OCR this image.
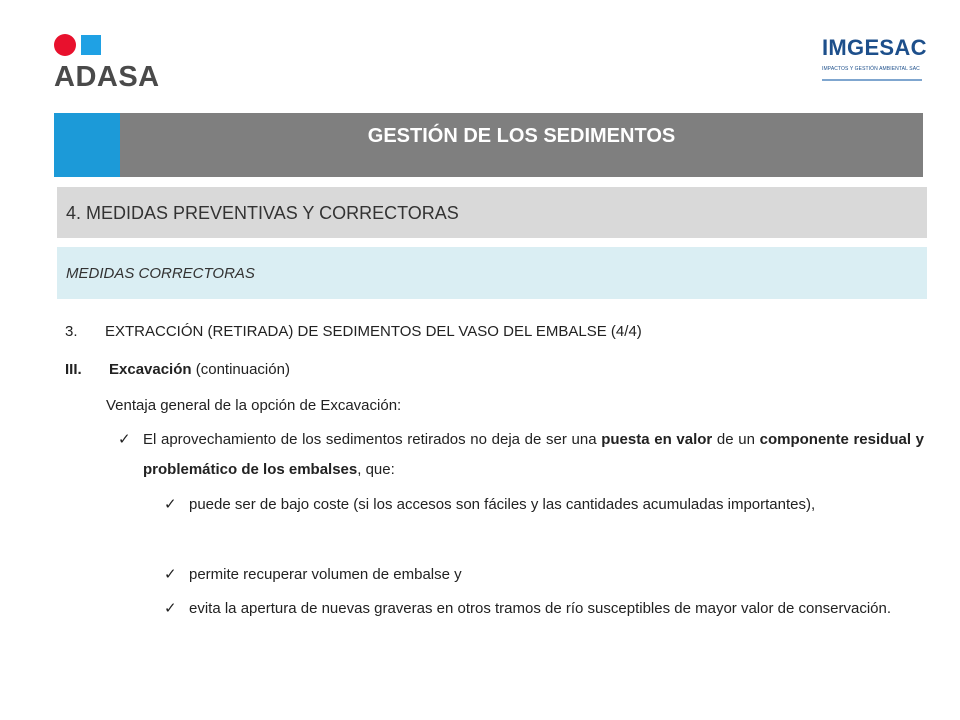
ADASA
IMGESAC
IMPACTOS Y GESTIÓN AMBIENTAL SAC
GESTIÓN DE LOS SEDIMENTOS
4. MEDIDAS PREVENTIVAS Y CORRECTORAS
MEDIDAS CORRECTORAS
3. EXTRACCIÓN (RETIRADA) DE SEDIMENTOS DEL VASO DEL EMBALSE (4/4)
III. Excavación (continuación)
Ventaja general de la opción de Excavación:
✓ El aprovechamiento de los sedimentos retirados no deja de ser una puesta en valor de un componente residual y problemático de los embalses, que:
✓ puede ser de bajo coste (si los accesos son fáciles y las cantidades acumuladas importantes),
✓ permite recuperar volumen de embalse y
✓ evita la apertura de nuevas graveras en otros tramos de río susceptibles de mayor valor de conservación.
